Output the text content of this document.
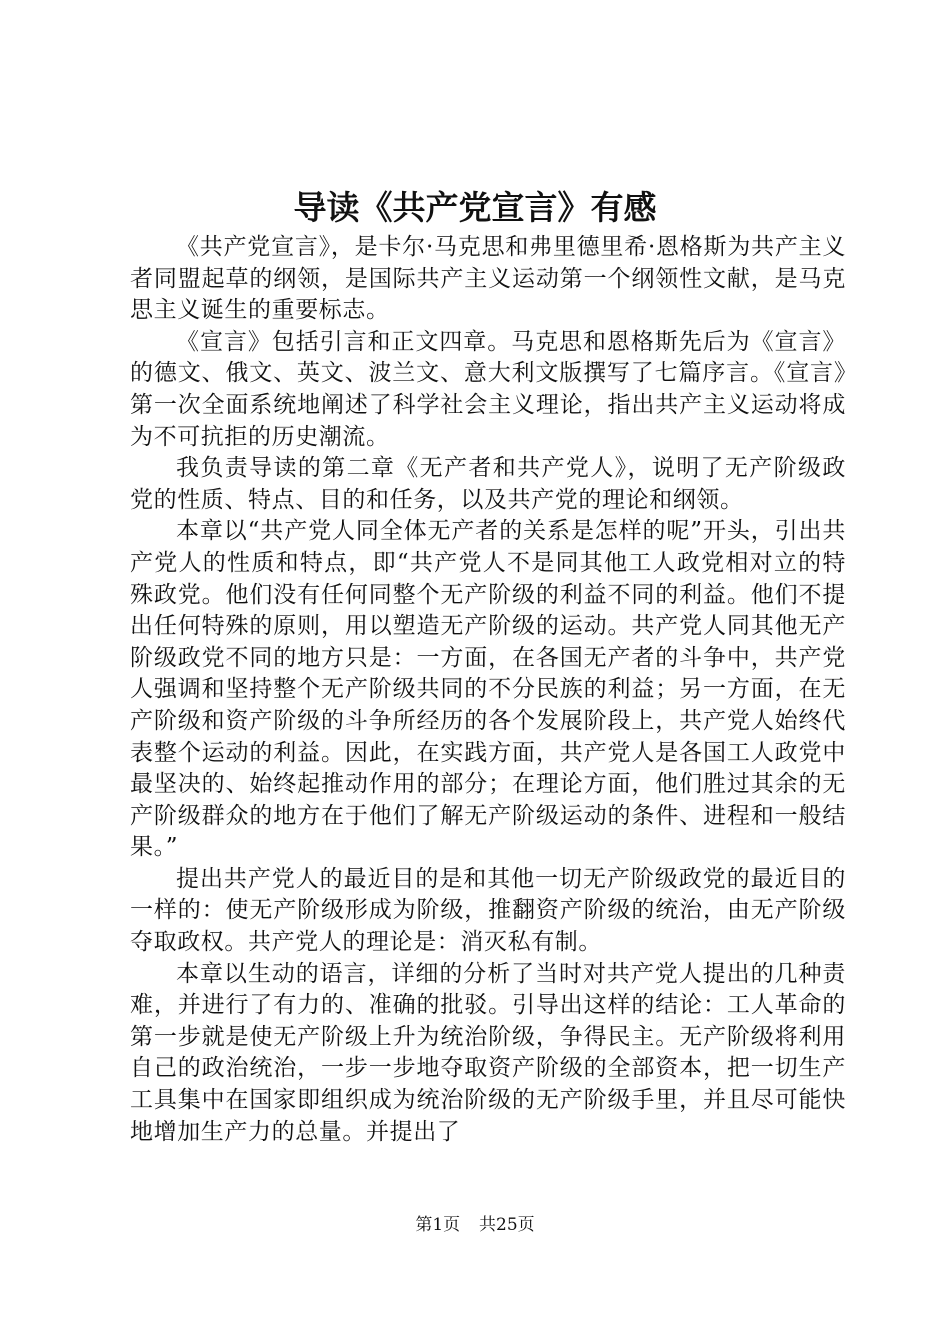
导读《共产党宣言》有感

《共产党宣言》，是卡尔·马克思和弗里德里希·恩格斯为共产主义者同盟起草的纲领，是国际共产主义运动第一个纲领性文献，是马克思主义诞生的重要标志。

《宣言》包括引言和正文四章。马克思和恩格斯先后为《宣言》的德文、俄文、英文、波兰文、意大利文版撰写了七篇序言。《宣言》第一次全面系统地阐述了科学社会主义理论，指出共产主义运动将成为不可抗拒的历史潮流。

我负责导读的第二章《无产者和共产党人》，说明了无产阶级政党的性质、特点、目的和任务，以及共产党的理论和纲领。

本章以“共产党人同全体无产者的关系是怎样的呢”开头，引出共产党人的性质和特点，即“共产党人不是同其他工人政党相对立的特殊政党。他们没有任何同整个无产阶级的利益不同的利益。他们不提出任何特殊的原则，用以塑造无产阶级的运动。共产党人同其他无产阶级政党不同的地方只是：一方面，在各国无产者的斗争中，共产党人强调和坚持整个无产阶级共同的不分民族的利益；另一方面，在无产阶级和资产阶级的斗争所经历的各个发展阶段上，共产党人始终代表整个运动的利益。因此，在实践方面，共产党人是各国工人政党中最坚决的、始终起推动作用的部分；在理论方面，他们胜过其余的无产阶级群众的地方在于他们了解无产阶级运动的条件、进程和一般结果。”

提出共产党人的最近目的是和其他一切无产阶级政党的最近目的一样的：使无产阶级形成为阶级，推翻资产阶级的统治，由无产阶级夺取政权。共产党人的理论是：消灭私有制。

本章以生动的语言，详细的分析了当时对共产党人提出的几种责难，并进行了有力的、准确的批驳。引导出这样的结论：工人革命的第一步就是使无产阶级上升为统治阶级，争得民主。无产阶级将利用自己的政治统治，一步一步地夺取资产阶级的全部资本，把一切生产工具集中在国家即组织成为统治阶级的无产阶级手里，并且尽可能快地增加生产力的总量。并提出了

第1页 共25页
